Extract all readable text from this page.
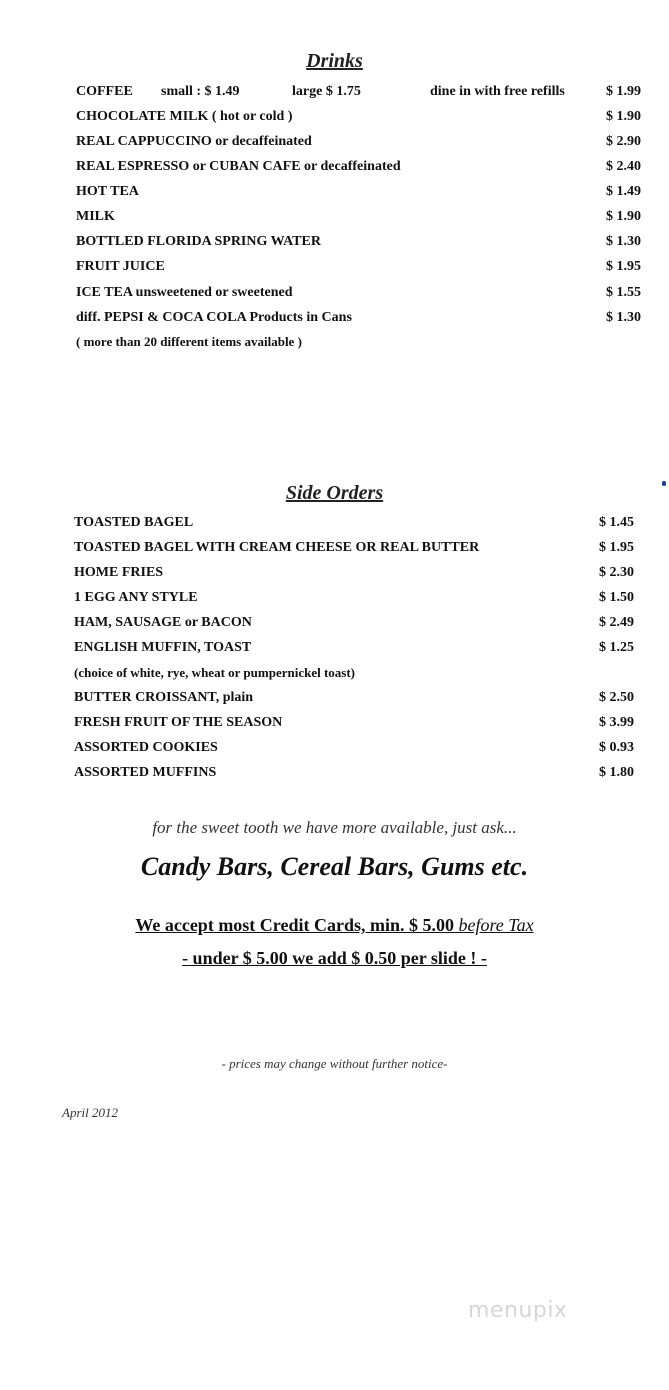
Drinks
COFFEE small : $ 1.49	large $ 1.75	dine in with free refills	$ 1.99
CHOCOLATE MILK ( hot or cold )	$ 1.90
REAL CAPPUCCINO or decaffeinated	$ 2.90
REAL ESPRESSO or CUBAN CAFE or decaffeinated	$ 2.40
HOT TEA	$ 1.49
MILK	$ 1.90
BOTTLED FLORIDA SPRING WATER	$ 1.30
FRUIT JUICE	$ 1.95
ICE TEA unsweetened or sweetened	$ 1.55
diff. PEPSI & COCA COLA Products in Cans	$ 1.30
( more than 20 different items available )
Side Orders
TOASTED BAGEL	$ 1.45
TOASTED BAGEL WITH CREAM CHEESE OR REAL BUTTER	$ 1.95
HOME FRIES	$ 2.30
1 EGG ANY STYLE	$ 1.50
HAM, SAUSAGE or BACON	$ 2.49
ENGLISH MUFFIN, TOAST	$ 1.25
(choice of white, rye, wheat or pumpernickel toast)
BUTTER CROISSANT, plain	$ 2.50
FRESH FRUIT OF THE SEASON	$ 3.99
ASSORTED COOKIES	$ 0.93
ASSORTED MUFFINS	$ 1.80
for the sweet tooth we have more available, just ask...
Candy Bars, Cereal Bars, Gums etc.
We accept most Credit Cards, min. $ 5.00 before Tax
- under $ 5.00 we add $ 0.50 per slide ! -
- prices may change without further notice-
April 2012
menupix
